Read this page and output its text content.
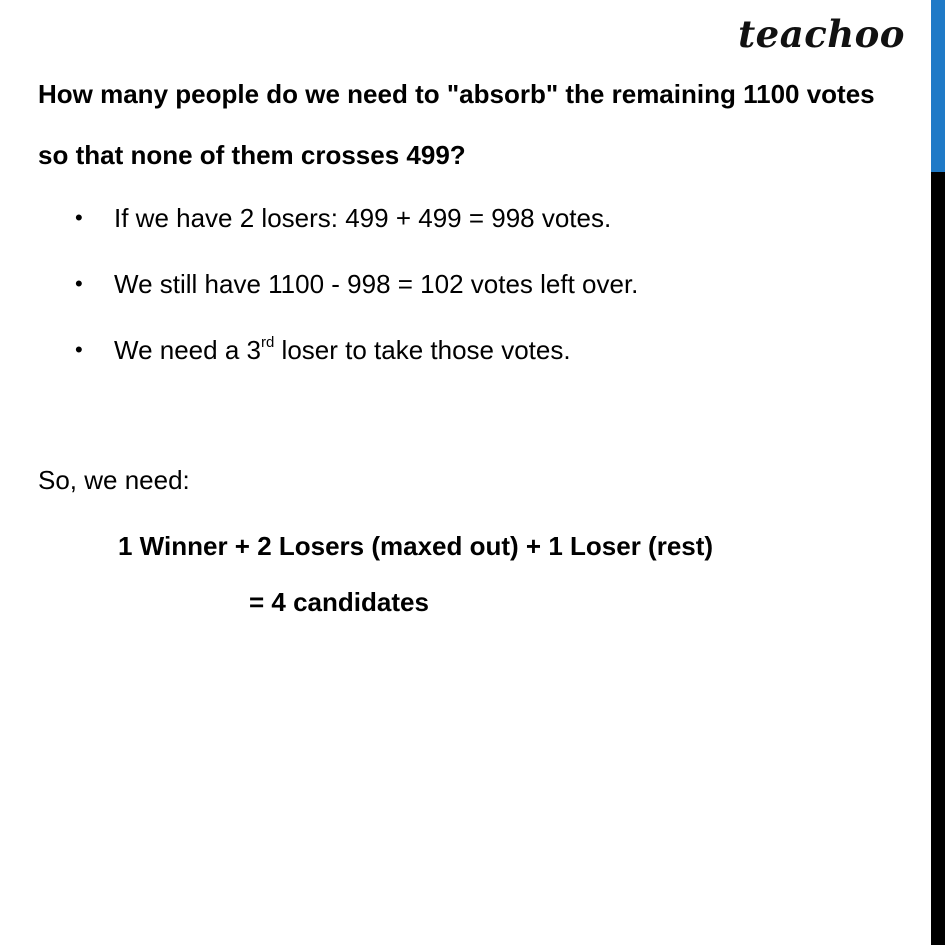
teachoo
How many people do we need to "absorb" the remaining 1100 votes so that none of them crosses 499?
• If we have 2 losers: 499 + 499 = 998 votes.
• We still have 1100 - 998 = 102 votes left over.
• We need a 3rd loser to take those votes.
So, we need:
1 Winner + 2 Losers (maxed out) + 1 Loser (rest)
= 4 candidates
